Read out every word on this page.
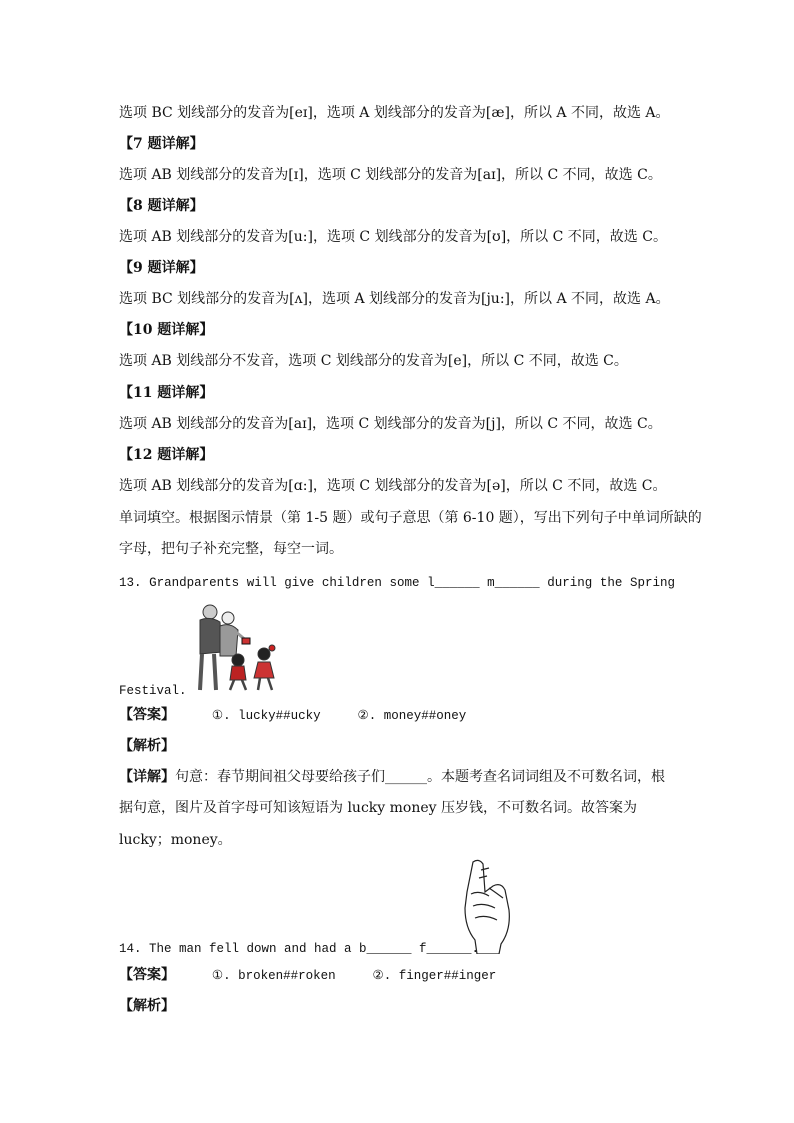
选项 BC 划线部分的发音为[eɪ]，选项 A 划线部分的发音为[æ]，所以 A 不同，故选 A。
【7 题详解】
选项 AB 划线部分的发音为[ɪ]，选项 C 划线部分的发音为[aɪ]，所以 C 不同，故选 C。
【8 题详解】
选项 AB 划线部分的发音为[u:]，选项 C 划线部分的发音为[ʊ]，所以 C 不同，故选 C。
【9 题详解】
选项 BC 划线部分的发音为[ʌ]，选项 A 划线部分的发音为[ju:]，所以 A 不同，故选 A。
【10 题详解】
选项 AB 划线部分不发音，选项 C 划线部分的发音为[e]，所以 C 不同，故选 C。
【11 题详解】
选项 AB 划线部分的发音为[aɪ]，选项 C 划线部分的发音为[j]，所以 C 不同，故选 C。
【12 题详解】
选项 AB 划线部分的发音为[ɑ:]，选项 C 划线部分的发音为[ə]，所以 C 不同，故选 C。
单词填空。根据图示情景（第 1-5 题）或句子意思（第 6-10 题），写出下列句子中单词所缺的
字母，把句子补充完整，每空一词。
13. Grandparents will give children some l______ m______ during the Spring
Festival.
【答案】	①. lucky##ucky	②. money##oney
【解析】
【详解】句意：春节期间祖父母要给孩子们______。本题考查名词词组及不可数名词，根
据句意，图片及首字母可知该短语为 lucky money 压岁钱，不可数名词。故答案为
lucky；money。
14. The man fell down and had a b______ f______.
【答案】	①. broken##roken	②. finger##inger
【解析】
